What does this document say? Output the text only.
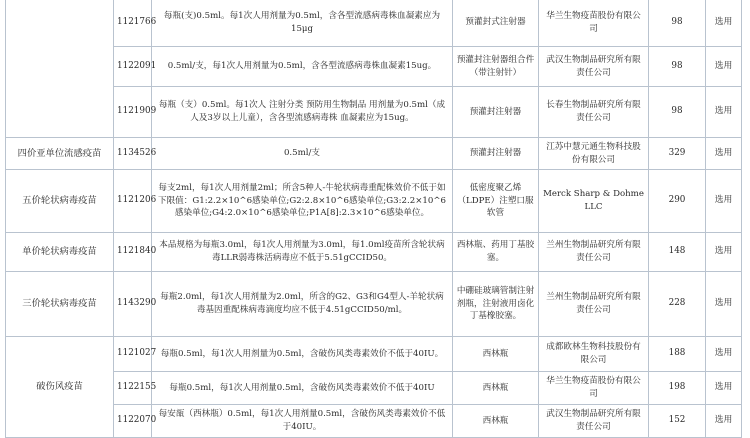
	1121766	每瓶(支)0.5ml。每1次人用剂量为0.5ml，含各型流感病毒株血凝素应为15μg	预灌封式注射器	华兰生物疫苗股份有限公司	98	选用
	1122091	0.5ml/支，每1次人用剂量为0.5ml，含各型流感病毒株血凝素15ug。	预灌封注射器组合件（带注射针）	武汉生物制品研究所有限责任公司	98	选用
	1121909	每瓶（支）0.5ml。每1次人 注射分类 预防用生物制品 用剂量为0.5ml（成人及3岁以上儿童），含各型流感病毒株 血凝素应为15ug。	预灌封注射器	长春生物制品研究所有限责任公司	98	选用
四价亚单位流感疫苗	1134526	0.5ml/支	预灌封注射器	江苏中慧元通生物科技股份有限公司	329	选用
五价轮状病毒疫苗	1121206	每支2ml，每1次人用剂量2ml；所含5种人-牛轮状病毒重配株效价不低于如下限值：G1:2.2×10^6感染单位;G2:2.8×10^6感染单位;G3:2.2×10^6感染单位;G4:2.0×10^6感染单位;P1A[8]:2.3×10^6感染单位。	低密度聚乙烯（LDPE）注塑口服软管	Merck Sharp & Dohme LLC	290	选用
单价轮状病毒疫苗	1121840	本品规格为每瓶3.0ml，每1次人用剂量为3.0ml，每1.0ml疫苗所含轮状病毒LLR弱毒株活病毒应不低于5.51gCCID50。	西林瓶、药用丁基胶塞。	兰州生物制品研究所有限责任公司	148	选用
三价轮状病毒疫苗	1143290	每瓶2.0ml，每1次人用剂量为2.0ml，所含的G2、G3和G4型人-羊轮状病毒基因重配株病毒滴度均应不低于4.51gCCID50/ml。	中硼硅玻璃管制注射剂瓶，注射液用卤化丁基橡胶塞。	兰州生物制品研究所有限责任公司	228	选用
破伤风疫苗	1121027	每瓶0.5ml，每1次人用剂量为0.5ml，含破伤风类毒素效价不低于40IU。	西林瓶	成都欧林生物科技股份有限公司	188	选用
	1122155	每瓶0.5ml，每1次人用剂量0.5ml，含破伤风类毒素效价不低于40IU	西林瓶	华兰生物疫苗股份有限公司	198	选用
	1122070	每安瓿（西林瓶）0.5ml，每1次人用剂量0.5ml，含破伤风类毒素效价不低于40IU。	西林瓶	武汉生物制品研究所有限责任公司	152	选用
